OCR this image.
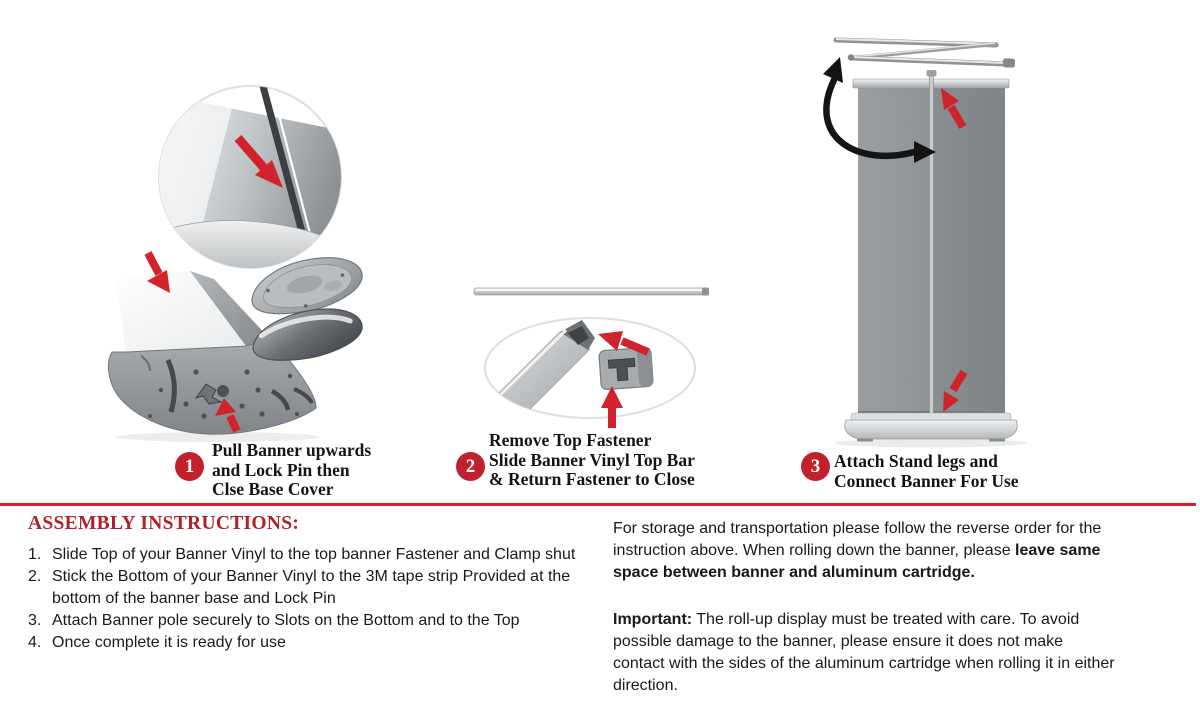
1
Pull Banner upwards
and Lock Pin then
Clse Base Cover
2
Remove Top Fastener
Slide Banner Vinyl Top Bar
& Return Fastener to Close
3 Attach Stand legs and
Connect Banner For Use
ASSEMBLY INSTRUCTIONS:
1. Slide Top of your Banner Vinyl to the top banner Fastener and Clamp shut
2. Stick the Bottom of your Banner Vinyl to the 3M tape strip Provided at the bottom of the banner base and Lock Pin
3. Attach Banner pole securely to Slots on the Bottom and to the Top
4. Once complete it is ready for use

For storage and transportation please follow the reverse order for the instruction above. When rolling down the banner, please leave same space between banner and aluminum cartridge.

Important: The roll-up display must be treated with care. To avoid possible damage to the banner, please ensure it does not make contact with the sides of the aluminum cartridge when rolling it in either direction.
